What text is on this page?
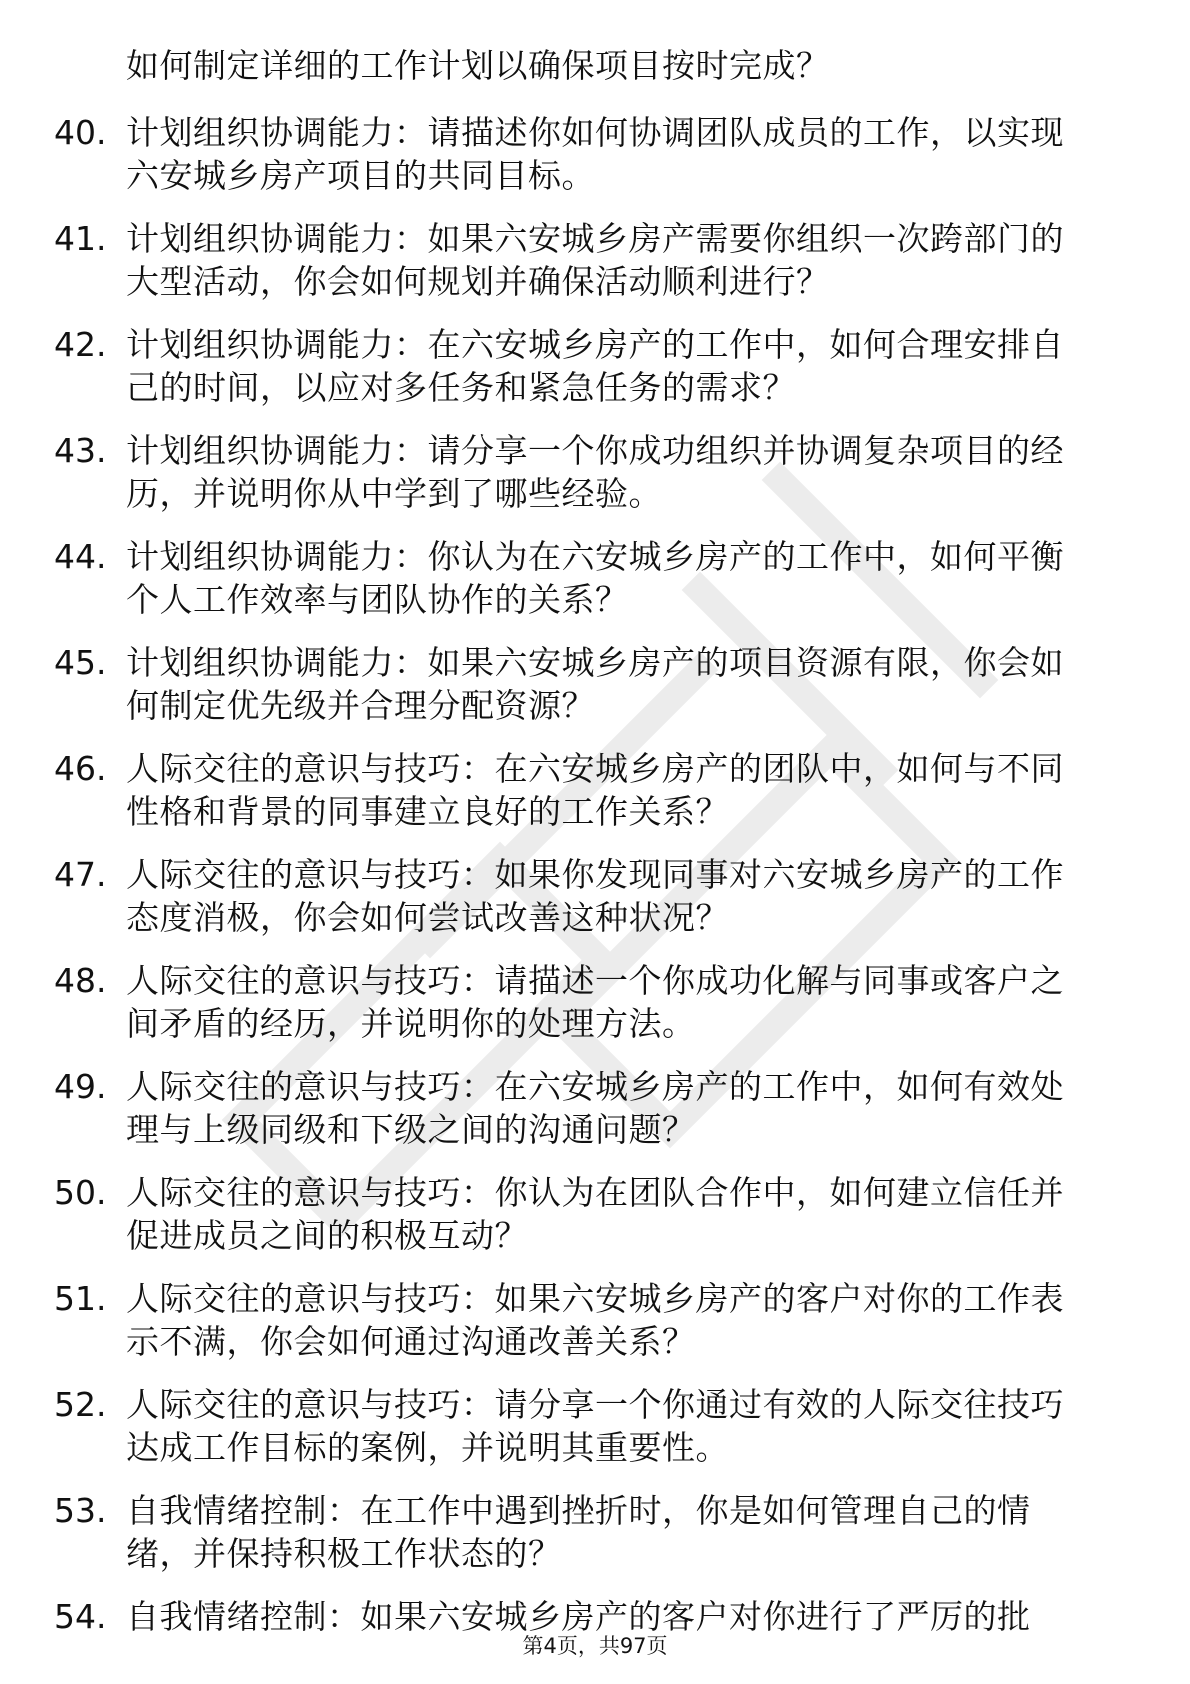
如何制定详细的工作计划以确保项目按时完成？
40. 计划组织协调能力：请描述你如何协调团队成员的工作，以实现
六安城乡房产项目的共同目标。
41. 计划组织协调能力：如果六安城乡房产需要你组织一次跨部门的
大型活动，你会如何规划并确保活动顺利进行？
42. 计划组织协调能力：在六安城乡房产的工作中，如何合理安排自
己的时间，以应对多任务和紧急任务的需求？
43. 计划组织协调能力：请分享一个你成功组织并协调复杂项目的经
历，并说明你从中学到了哪些经验。
44. 计划组织协调能力：你认为在六安城乡房产的工作中，如何平衡
个人工作效率与团队协作的关系？
45. 计划组织协调能力：如果六安城乡房产的项目资源有限，你会如
何制定优先级并合理分配资源？
46. 人际交往的意识与技巧：在六安城乡房产的团队中，如何与不同
性格和背景的同事建立良好的工作关系？
47. 人际交往的意识与技巧：如果你发现同事对六安城乡房产的工作
态度消极，你会如何尝试改善这种状况？
48. 人际交往的意识与技巧：请描述一个你成功化解与同事或客户之
间矛盾的经历，并说明你的处理方法。
49. 人际交往的意识与技巧：在六安城乡房产的工作中，如何有效处
理与上级同级和下级之间的沟通问题？
50. 人际交往的意识与技巧：你认为在团队合作中，如何建立信任并
促进成员之间的积极互动？
51. 人际交往的意识与技巧：如果六安城乡房产的客户对你的工作表
示不满，你会如何通过沟通改善关系？
52. 人际交往的意识与技巧：请分享一个你通过有效的人际交往技巧
达成工作目标的案例，并说明其重要性。
53. 自我情绪控制：在工作中遇到挫折时，你是如何管理自己的情
绪，并保持积极工作状态的？
54. 自我情绪控制：如果六安城乡房产的客户对你进行了严厉的批
第4页，共97页
